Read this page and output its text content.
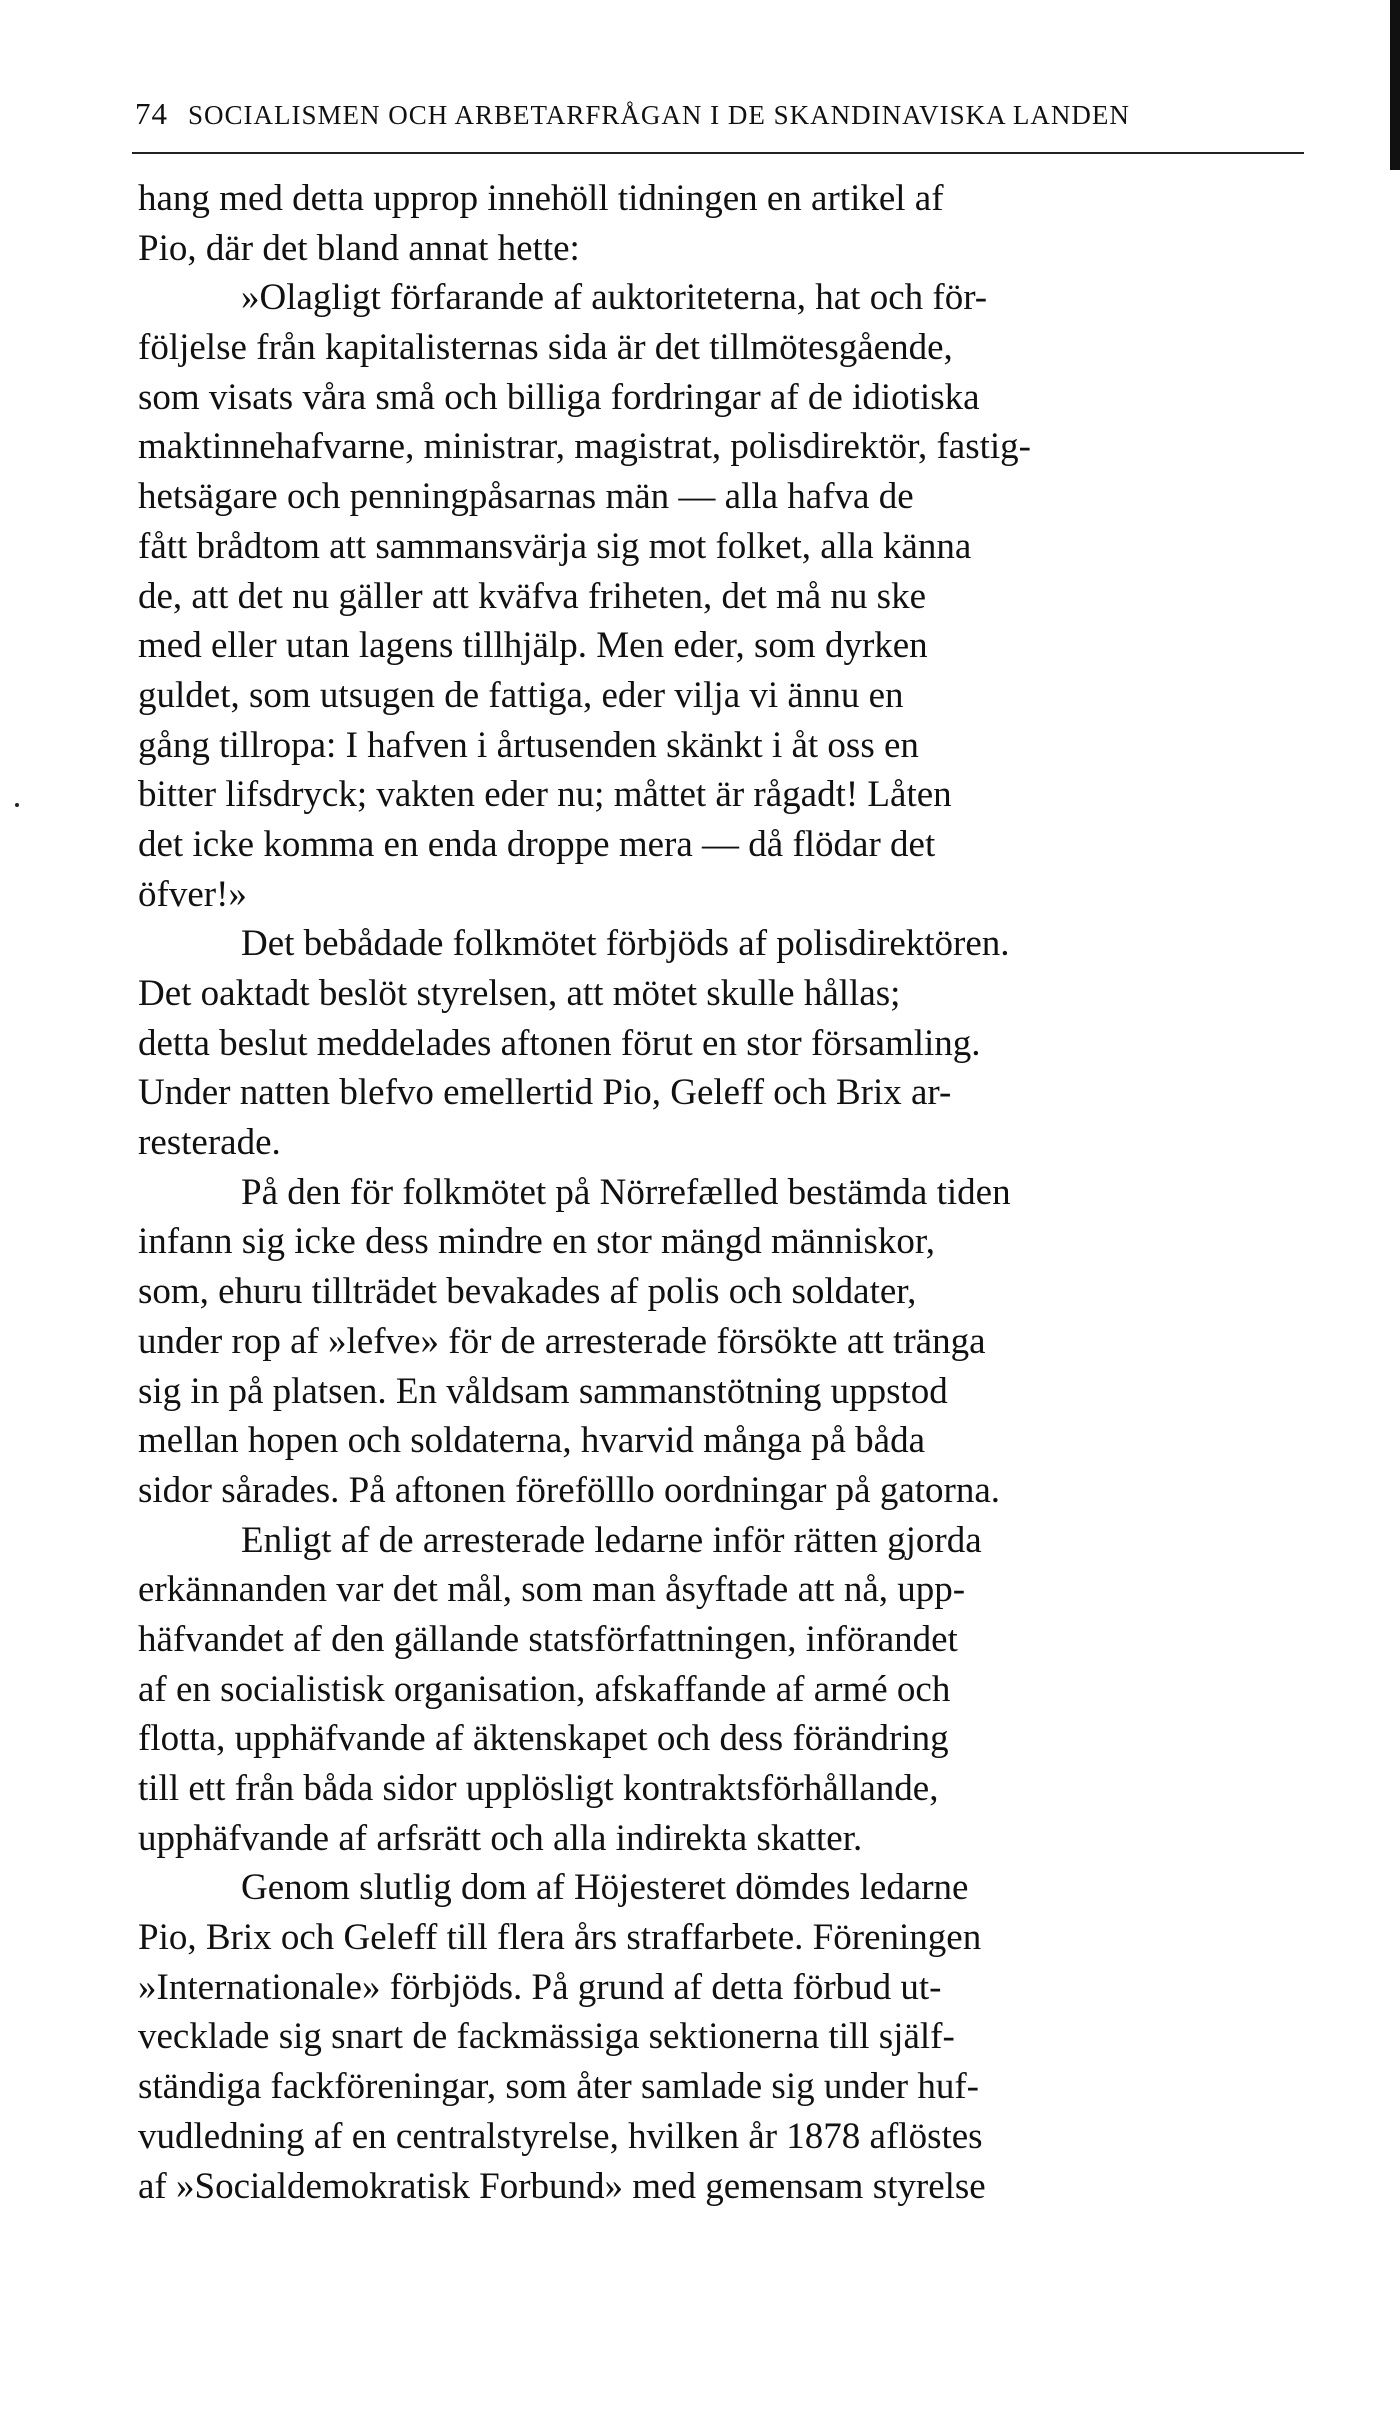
74 SOCIALISMEN OCH ARBETARFRÅGAN I DE SKANDINAVISKA LANDEN
hang med detta upprop innehöll tidningen en artikel af
Pio, där det bland annat hette:
»Olagligt förfarande af auktoriteterna, hat och för-
följelse från kapitalisternas sida är det tillmötesgående,
som visats våra små och billiga fordringar af de idiotiska
maktinnehafvarne, ministrar, magistrat, polisdirektör, fastig-
hetsägare och penningpåsarnas män — alla hafva de
fått brådtom att sammansvärja sig mot folket, alla känna
de, att det nu gäller att kväfva friheten, det må nu ske
med eller utan lagens tillhjälp. Men eder, som dyrken
guldet, som utsugen de fattiga, eder vilja vi ännu en
gång tillropa: I hafven i årtusenden skänkt i åt oss en
bitter lifsdryck; vakten eder nu; måttet är rågadt! Låten
det icke komma en enda droppe mera — då flödar det
öfver!»
Det bebådade folkmötet förbjöds af polisdirektören.
Det oaktadt beslöt styrelsen, att mötet skulle hållas;
detta beslut meddelades aftonen förut en stor församling.
Under natten blefvo emellertid Pio, Geleff och Brix ar-
resterade.
På den för folkmötet på Nörrefælled bestämda tiden
infann sig icke dess mindre en stor mängd människor,
som, ehuru tillträdet bevakades af polis och soldater,
under rop af »lefve» för de arresterade försökte att tränga
sig in på platsen. En våldsam sammanstötning uppstod
mellan hopen och soldaterna, hvarvid många på båda
sidor sårades. På aftonen förefölllo oordningar på gatorna.
Enligt af de arresterade ledarne inför rätten gjorda
erkännanden var det mål, som man åsyftade att nå, upp-
häfvandet af den gällande statsförfattningen, införandet
af en socialistisk organisation, afskaffande af armé och
flotta, upphäfvande af äktenskapet och dess förändring
till ett från båda sidor upplösligt kontraktsförhållande,
upphäfvande af arfsrätt och alla indirekta skatter.
Genom slutlig dom af Höjesteret dömdes ledarne
Pio, Brix och Geleff till flera års straffarbete. Föreningen
»Internationale» förbjöds. På grund af detta förbud ut-
vecklade sig snart de fackmässiga sektionerna till själf-
ständiga fackföreningar, som åter samlade sig under huf-
vudledning af en centralstyrelse, hvilken år 1878 aflöstes
af »Socialdemokratisk Forbund» med gemensam styrelse
